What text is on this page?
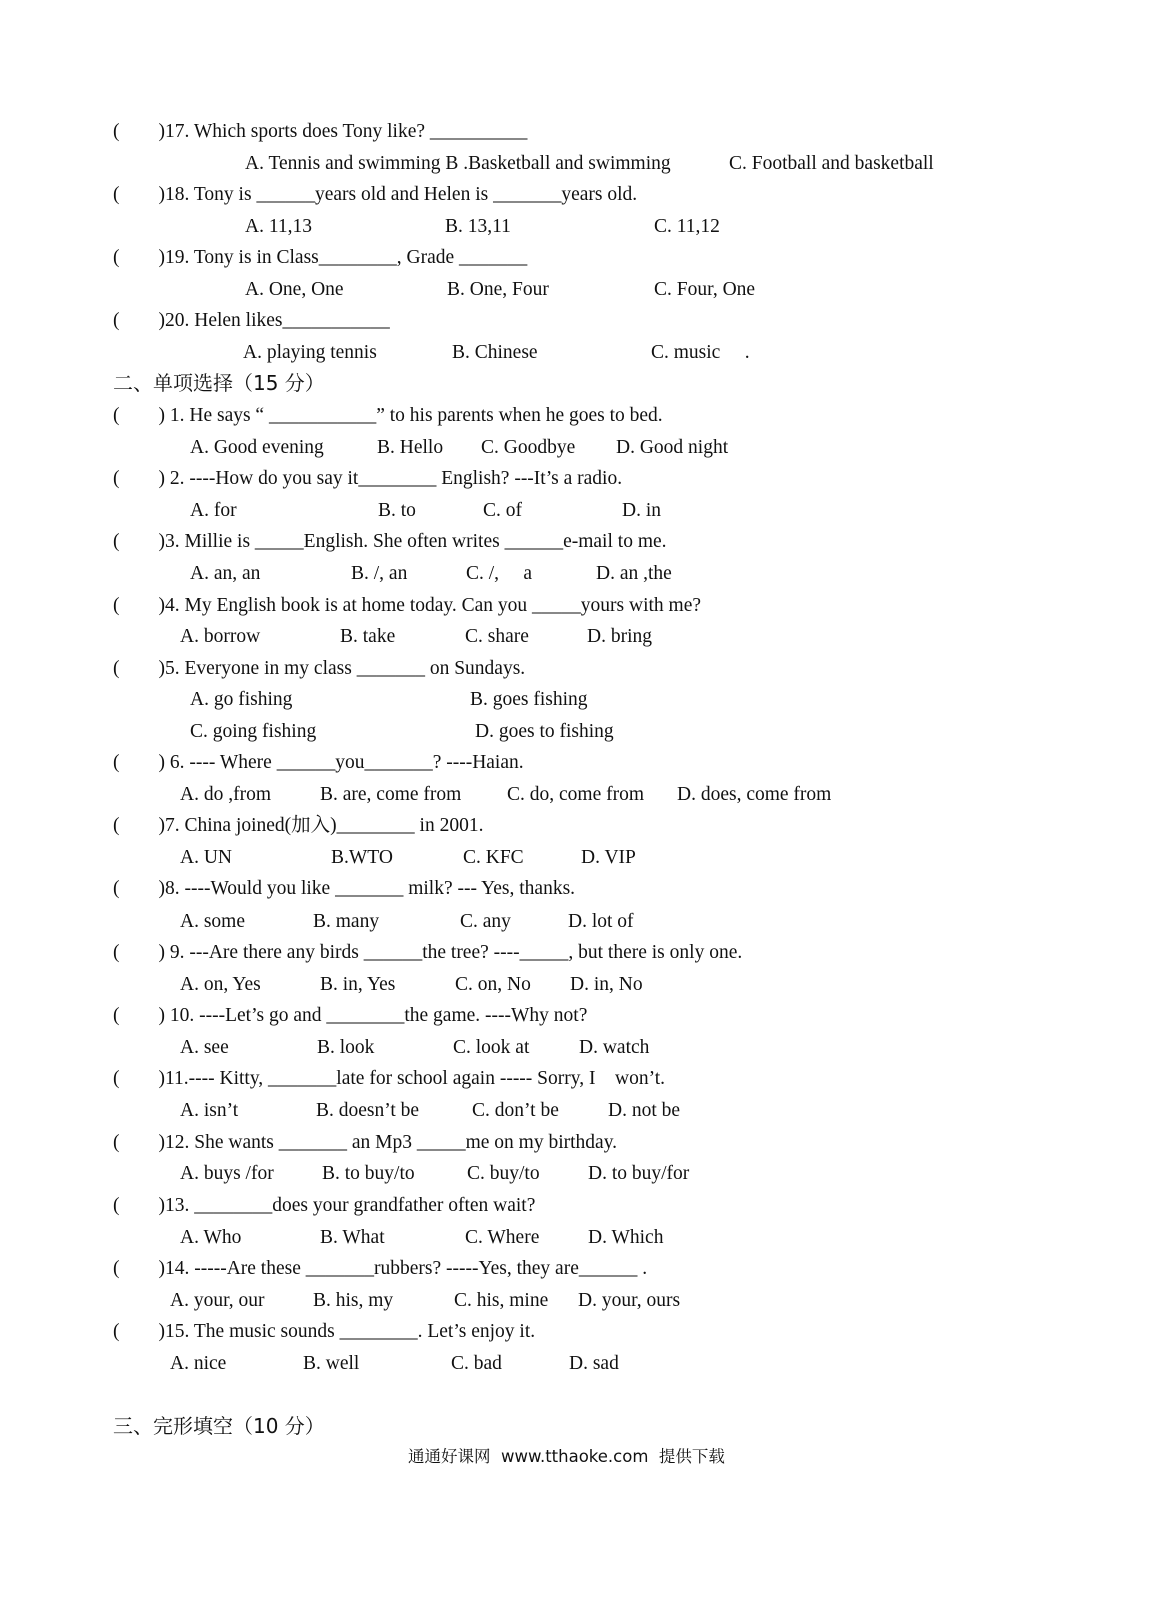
(        )17. Which sports does Tony like? __________
A. Tennis and swimming B .Basketball and swimming	C. Football and basketball
(        )18. Tony is ______years old and Helen is _______years old.
A. 11,13	B. 13,11	C. 11,12
(        )19. Tony is in Class________, Grade _______
A. One, One	B. One, Four	C. Four, One
(        )20. Helen likes___________
A. playing tennis	B. Chinese	C. music     .
二、单项选择（15 分）
(        ) 1. He says “ ___________” to his parents when he goes to bed.
A. Good evening	B. Hello C. Goodbye D. Good night
(        ) 2. ----How do you say it________ English? ---It’s a radio.
A. for	B. to	C. of	D. in
(        )3. Millie is _____English. She often writes ______e-mail to me.
A. an, an	B. /, an	C. /,     a	D. an ,the
(        )4. My English book is at home today. Can you _____yours with me?
A. borrow	B. take	C. share	D. bring
(        )5. Everyone in my class _______ on Sundays.
A. go fishing	B. goes fishing
C. going fishing	D. goes to fishing
(        ) 6. ---- Where ______you_______? ----Haian.
A. do ,from	B. are, come from C. do, come from D. does, come from
(        )7. China joined(加入)________ in 2001.
A. UN	B.WTO	C. KFC	D. VIP
(        )8. ----Would you like _______ milk? --- Yes, thanks.
A. some	B. many	C. any	D. lot of
(        ) 9. ---Are there any birds ______the tree? ----_____, but there is only one.
A. on, Yes	B. in, Yes	C. on, No D. in, No
(        ) 10. ----Let’s go and ________the game. ----Why not?
A. see	B. look	C. look at	D. watch
(        )11.---- Kitty, _______late for school again ----- Sorry, I    won’t.
A. isn’t	B. doesn’t be	C. don’t be	D. not be
(        )12. She wants _______ an Mp3 _____me on my birthday.
A. buys /for B. to buy/to	C. buy/to D. to buy/for
(        )13. ________does your grandfather often wait?
A. Who	B. What	C. Where D. Which
(        )14. -----Are these _______rubbers? -----Yes, they are______ .
A. your, our B. his, my	C. his, mine D. your, ours
(        )15. The music sounds ________. Let’s enjoy it.
A. nice	B. well	C. bad	D. sad
三、完形填空（10 分）
通通好课网  www.tthaoke.com  提供下载
